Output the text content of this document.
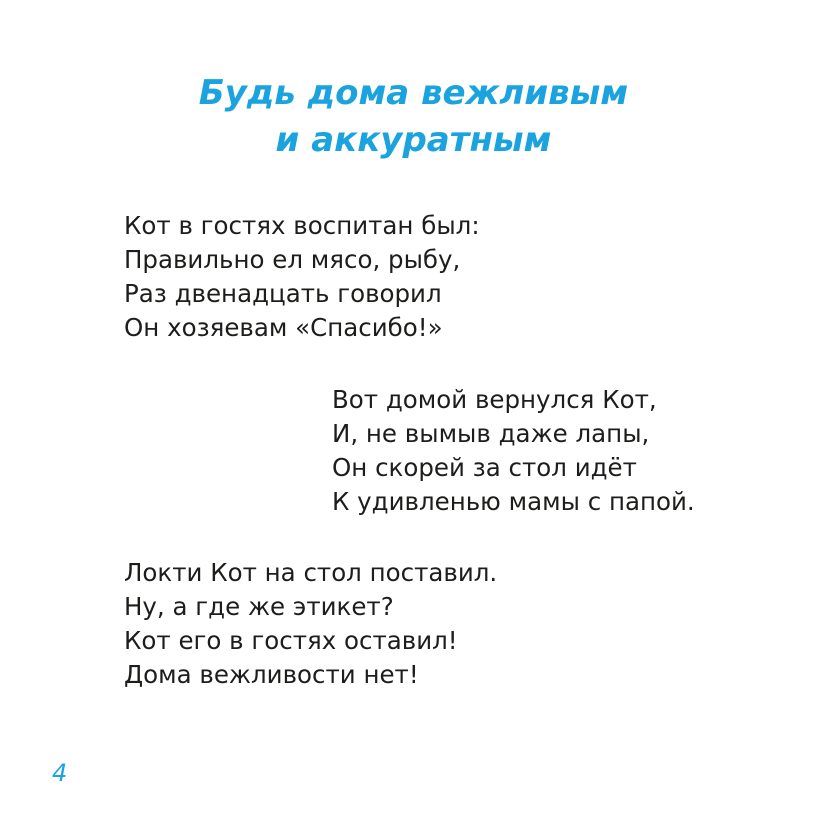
Будь дома вежливым
и аккуратным
Кот в гостях воспитан был:
Правильно ел мясо, рыбу,
Раз двенадцать говорил
Он хозяевам «Спасибо!»
Вот домой вернулся Кот,
И, не вымыв даже лапы,
Он скорей за стол идёт
К удивленью мамы с папой.
Локти Кот на стол поставил.
Ну, а где же этикет?
Кот его в гостях оставил!
Дома вежливости нет!
4
